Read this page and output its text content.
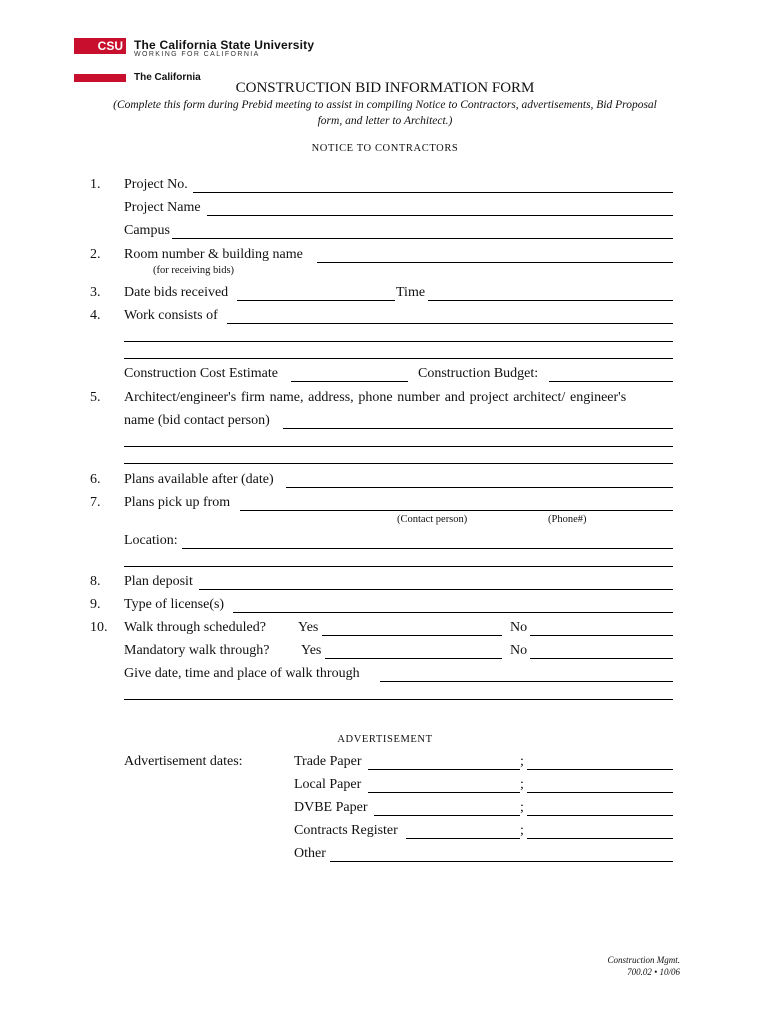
CSU The California State University
WORKING FOR CALIFORNIA
The California
CONSTRUCTION BID INFORMATION FORM
(Complete this form during Prebid meeting to assist in compiling Notice to Contractors, advertisements, Bid Proposal form, and letter to Architect.)
NOTICE TO CONTRACTORS
1. Project No.
Project Name
Campus
2. Room number & building name
(for receiving bids)
3. Date bids received	Time
4. Work consists of
Construction Cost Estimate	Construction Budget:
5. Architect/engineer's firm name, address, phone number and project architect/ engineer's
name (bid contact person)
6. Plans available after (date)
7. Plans pick up from
(Contact person)	(Phone#)
Location:
8. Plan deposit
9. Type of license(s)
10. Walk through scheduled? Yes	No
Mandatory walk through? Yes	No
Give date, time and place of walk through
ADVERTISEMENT
Advertisement dates:	Trade Paper	;
Local Paper	;
DVBE Paper	;
Contracts Register	;
Other
Construction Mgmt.
700.02 • 10/06
